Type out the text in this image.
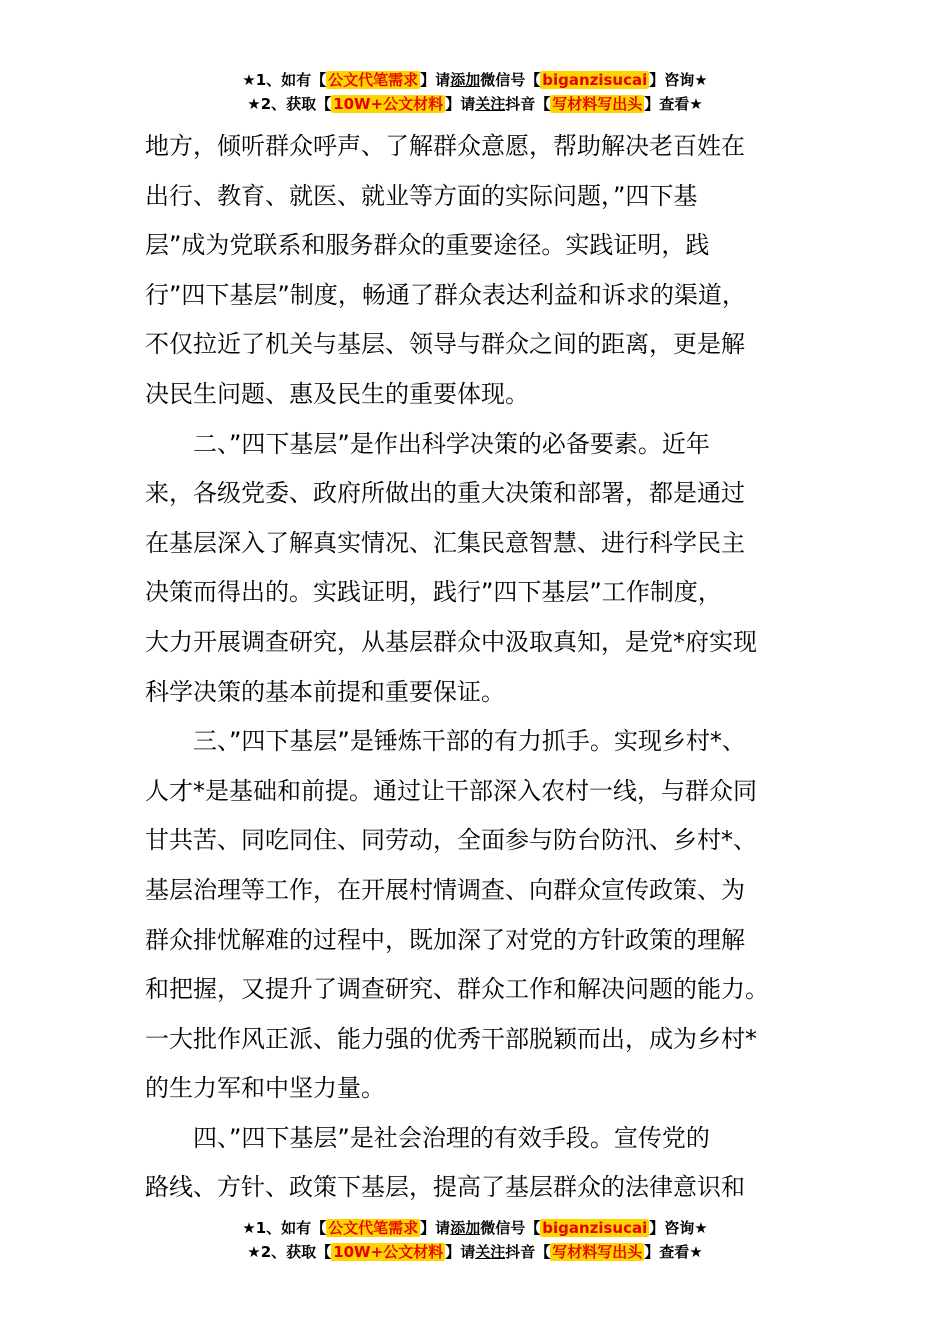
★1、如有【 公文代笔需求 】请添加微信号【 biganzisucai 】咨询★
★2、获取【 10W+公文材料 】请关注抖音【 写材料写出头 】查看★
地方，倾听群众呼声、了解群众意愿，帮助解决老百姓在
出行、教育、就医、就业等方面的实际问题，”四下基
层”成为党联系和服务群众的重要途径。实践证明，践
行”四下基层”制度，畅通了群众表达利益和诉求的渠道，
不仅拉近了机关与基层、领导与群众之间的距离，更是解
决民生问题、惠及民生的重要体现。
二、”四下基层”是作出科学决策的必备要素。近年
来，各级党委、政府所做出的重大决策和部署，都是通过
在基层深入了解真实情况、汇集民意智慧、进行科学民主
决策而得出的。实践证明，践行”四下基层”工作制度，
大力开展调查研究，从基层群众中汲取真知，是党*府实现
科学决策的基本前提和重要保证。
三、”四下基层”是锤炼干部的有力抓手。实现乡村*、
人才*是基础和前提。通过让干部深入农村一线，与群众同
甘共苦、同吃同住、同劳动，全面参与防台防汛、乡村*、
基层治理等工作，在开展村情调查、向群众宣传政策、为
群众排忧解难的过程中，既加深了对党的方针政策的理解
和把握，又提升了调查研究、群众工作和解决问题的能力。
一大批作风正派、能力强的优秀干部脱颖而出，成为乡村*
的生力军和中坚力量。
四、”四下基层”是社会治理的有效手段。宣传党的
路线、方针、政策下基层，提高了基层群众的法律意识和
★1、如有【 公文代笔需求 】请添加微信号【 biganzisucai 】咨询★
★2、获取【 10W+公文材料 】请关注抖音【 写材料写出头 】查看★
